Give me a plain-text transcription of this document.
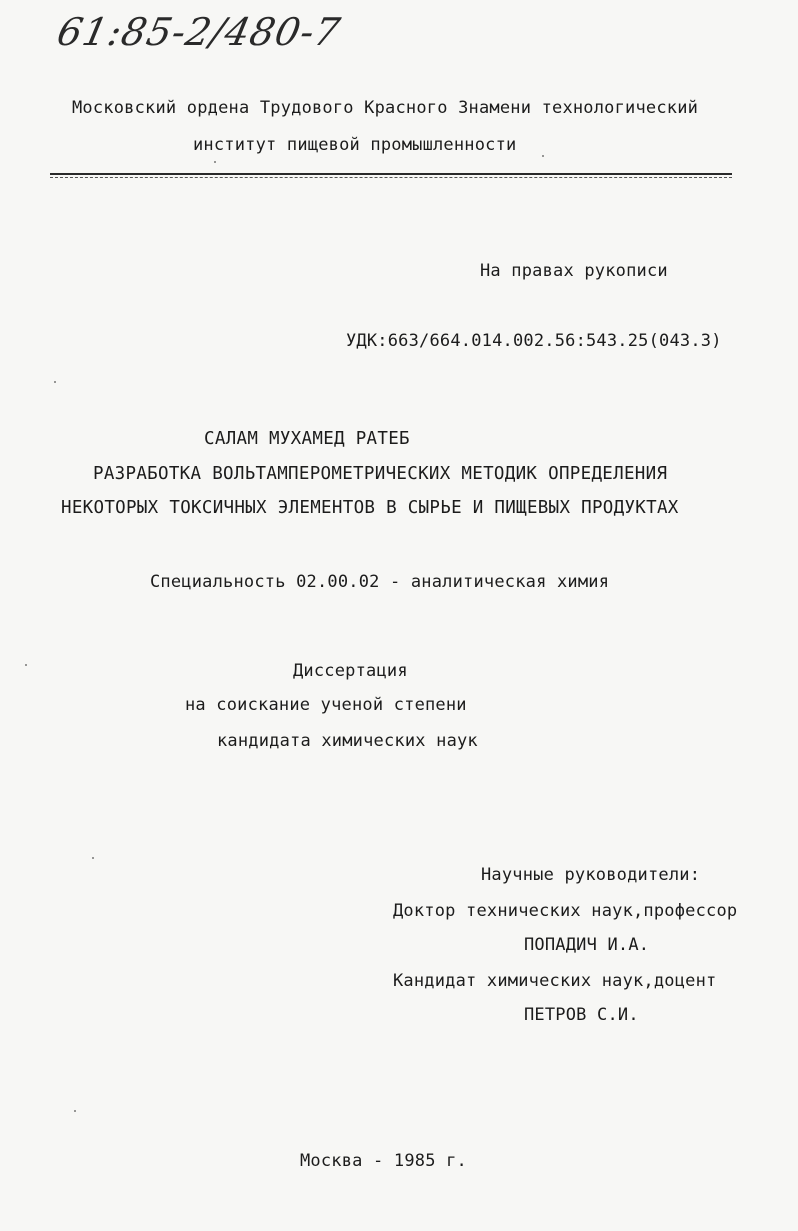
61:85-2/480-7
Московский ордена Трудового Красного Знамени технологический
институт пищевой промышленности
На правах рукописи
УДК:663/664.014.002.56:543.25(043.3)
САЛАМ МУХАМЕД РАТЕБ
РАЗРАБОТКА ВОЛЬТАМПЕРОМЕТРИЧЕСКИХ МЕТОДИК ОПРЕДЕЛЕНИЯ
НЕКОТОРЫХ ТОКСИЧНЫХ ЭЛЕМЕНТОВ В СЫРЬЕ И ПИЩЕВЫХ ПРОДУКТАХ
Специальность 02.00.02 - аналитическая химия
Диссертация
на соискание ученой степени
кандидата химических наук
Научные руководители:
Доктор технических наук,профессор
ПОПАДИЧ И.А.
Кандидат химических наук,доцент
ПЕТРОВ С.И.
Москва - 1985 г.
